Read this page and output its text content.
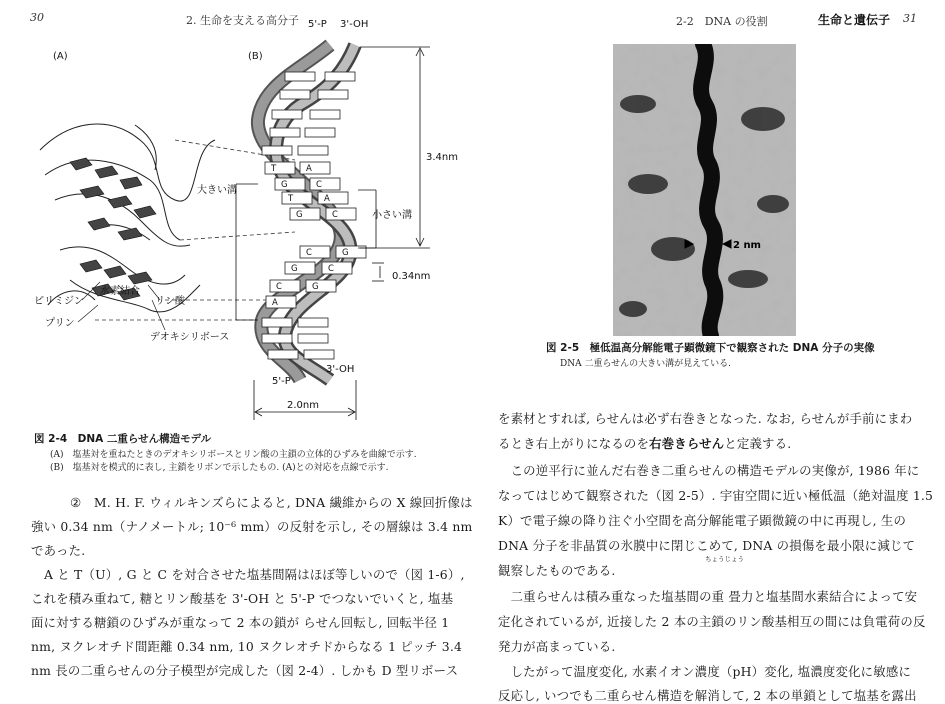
30	2. 生命を支える高分子
(A)	(B)
T	A
G	C
T	A
G	C
C	G
G	C
C	G
A
ピリミジン
水素結合
リン酸
プリン
デオキシリボース
5'-P 3'-OH
3.4nm
大きい溝
小さい溝
0.34nm
5'-P
3'-OH
2.0nm
図 2-4　DNA 二重らせん構造モデル
(A)　塩基対を重ねたときのデオキシリボースとリン酸の主鎖の立体的ひずみを曲線で示す.
(B)　塩基対を模式的に表し, 主鎖をリボンで示したもの. (A)との対応を点線で示す.
②　M. H. F. ウィルキンズらによると, DNA 繊維からの X 線回折像は
強い 0.34 nm（ナノメートル; 10⁻⁶ mm）の反射を示し, その層線は 3.4 nm
であった.
A と T（U）, G と C を対合させた塩基間隔はほぼ等しいので（図 1-6）,
これを積み重ねて, 糖とリン酸基を 3'-OH と 5'-P でつないでいくと, 塩基
面に対する糖鎖のひずみが重なって 2 本の鎖が らせん回転し, 回転半径 1
nm, ヌクレオチド間距離 0.34 nm, 10 ヌクレオチドからなる 1 ピッチ 3.4
nm 長の二重らせんの分子模型が完成した（図 2-4）. しかも D 型リボース
2-2　DNA の役割	生命と遺伝子 31
2 nm
図 2-5　極低温高分解能電子顕微鏡下で観察された DNA 分子の実像
DNA 二重らせんの大きい溝が見えている.
ちょうじょう
を素材とすれば, らせんは必ず右巻きとなった. なお, らせんが手前にまわ
るとき右上がりになるのを右巻きらせんと定義する.
　この逆平行に並んだ右巻き二重らせんの構造モデルの実像が, 1986 年に
なってはじめて観察された（図 2-5）. 宇宙空間に近い極低温（絶対温度 1.5
K）で電子線の降り注ぐ小空間を高分解能電子顕微鏡の中に再現し, 生の
DNA 分子を非晶質の氷膜中に閉じこめて, DNA の損傷を最小限に減じて
観察したものである.
　二重らせんは積み重なった塩基間の重 畳力と塩基間水素結合によって安
定化されているが, 近接した 2 本の主鎖のリン酸基相互の間には負電荷の反
発力が高まっている.
　したがって温度変化, 水素イオン濃度（pH）変化, 塩濃度変化に敏感に
反応し, いつでも二重らせん構造を解消して, 2 本の単鎖として塩基を露出
